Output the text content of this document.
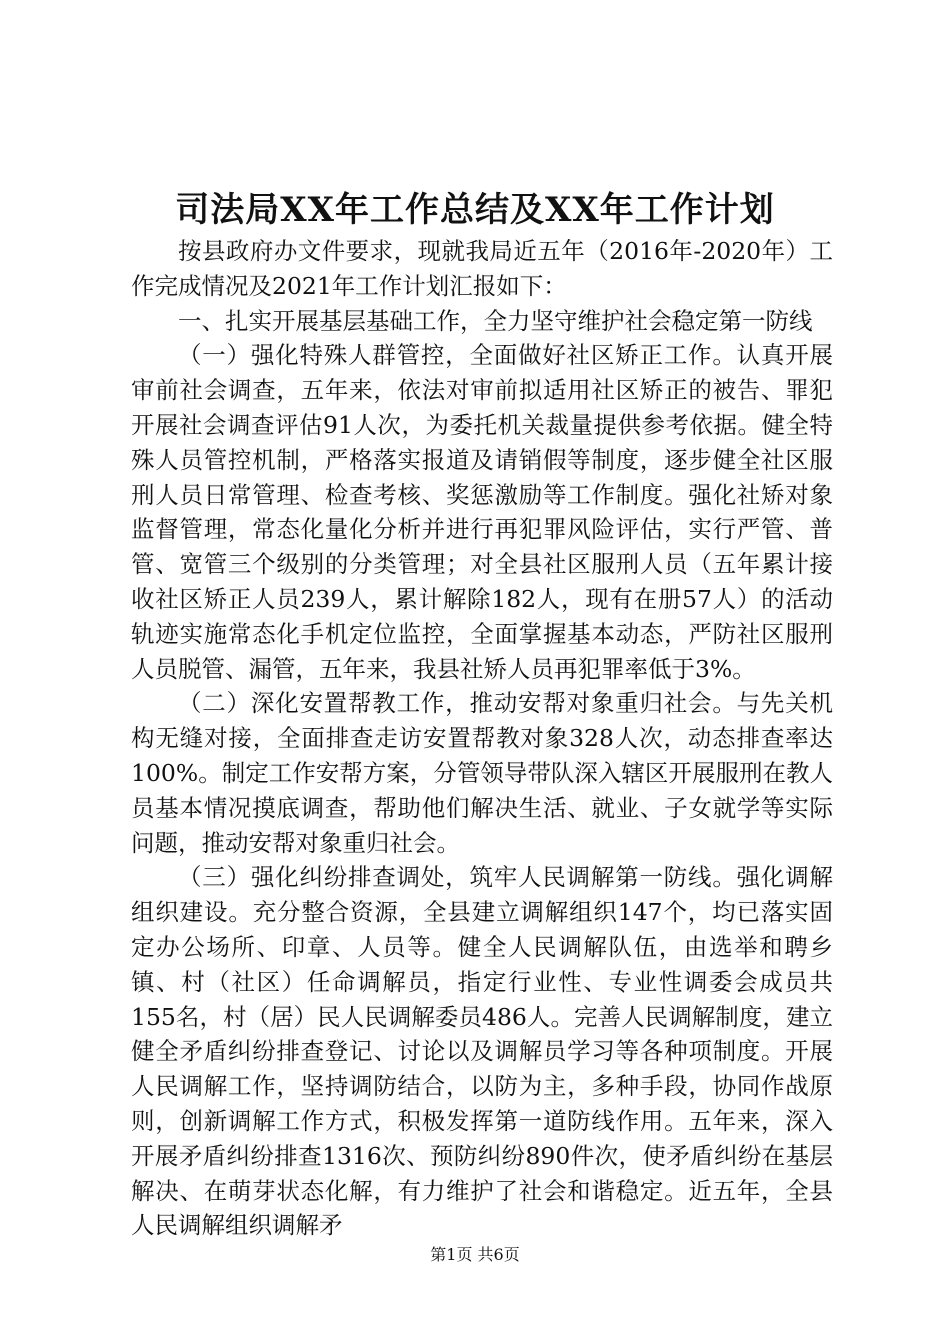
司法局XX年工作总结及XX年工作计划

按县政府办文件要求，现就我局近五年（2016年-2020年）工作完成情况及2021年工作计划汇报如下：

一、扎实开展基层基础工作，全力坚守维护社会稳定第一防线

（一）强化特殊人群管控，全面做好社区矫正工作。认真开展审前社会调查，五年来，依法对审前拟适用社区矫正的被告、罪犯开展社会调查评估91人次，为委托机关裁量提供参考依据。健全特殊人员管控机制，严格落实报道及请销假等制度，逐步健全社区服刑人员日常管理、检查考核、奖惩激励等工作制度。强化社矫对象监督管理，常态化量化分析并进行再犯罪风险评估，实行严管、普管、宽管三个级别的分类管理；对全县社区服刑人员（五年累计接收社区矫正人员239人，累计解除182人，现有在册57人）的活动轨迹实施常态化手机定位监控，全面掌握基本动态，严防社区服刑人员脱管、漏管，五年来，我县社矫人员再犯罪率低于3%。

（二）深化安置帮教工作，推动安帮对象重归社会。与先关机构无缝对接，全面排查走访安置帮教对象328人次，动态排查率达100%。制定工作安帮方案，分管领导带队深入辖区开展服刑在教人员基本情况摸底调查，帮助他们解决生活、就业、子女就学等实际问题，推动安帮对象重归社会。

（三）强化纠纷排查调处，筑牢人民调解第一防线。强化调解组织建设。充分整合资源，全县建立调解组织147个，均已落实固定办公场所、印章、人员等。健全人民调解队伍，由选举和聘乡镇、村（社区）任命调解员，指定行业性、专业性调委会成员共155名，村（居）民人民调解委员486人。完善人民调解制度，建立健全矛盾纠纷排查登记、讨论以及调解员学习等各种项制度。开展人民调解工作，坚持调防结合，以防为主，多种手段，协同作战原则，创新调解工作方式，积极发挥第一道防线作用。五年来，深入开展矛盾纠纷排查1316次、预防纠纷890件次，使矛盾纠纷在基层解决、在萌芽状态化解，有力维护了社会和谐稳定。近五年，全县人民调解组织调解矛

第1页 共6页
